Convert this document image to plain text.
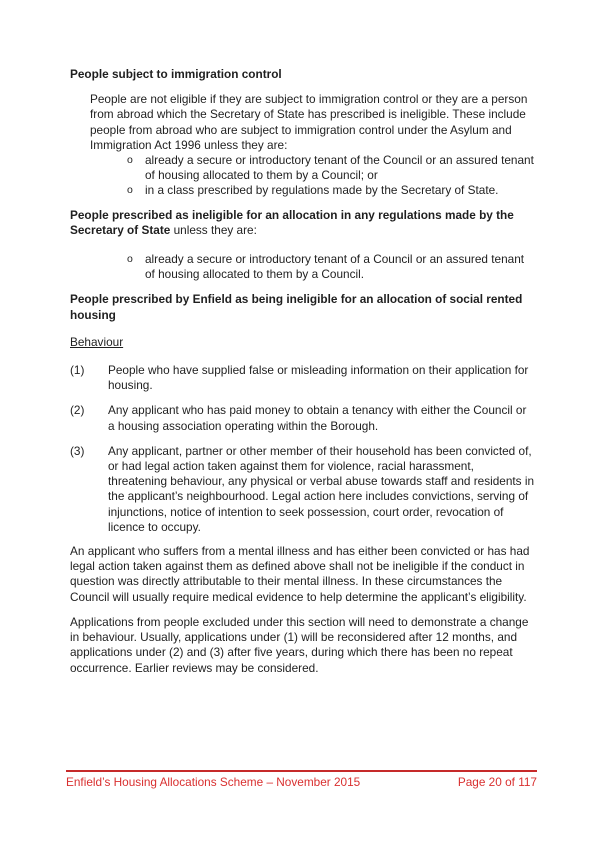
People subject to immigration control
People are not eligible if they are subject to immigration control or they are a person from abroad which the Secretary of State has prescribed is ineligible. These include people from abroad who are subject to immigration control under the Asylum and Immigration Act 1996 unless they are:
o	already a secure or introductory tenant of the Council or an assured tenant of housing allocated to them by a Council; or
o	in a class prescribed by regulations made by the Secretary of State.
People prescribed as ineligible for an allocation in any regulations made by the Secretary of State unless they are:
o	already a secure or introductory tenant of a Council or an assured tenant of housing allocated to them by a Council.
People prescribed by Enfield as being ineligible for an allocation of social rented housing
Behaviour
(1)	People who have supplied false or misleading information on their application for housing.
(2)	Any applicant who has paid money to obtain a tenancy with either the Council or a housing association operating within the Borough.
(3)	Any applicant, partner or other member of their household has been convicted of, or had legal action taken against them for violence, racial harassment, threatening behaviour, any physical or verbal abuse towards staff and residents in the applicant’s neighbourhood. Legal action here includes convictions, serving of injunctions, notice of intention to seek possession, court order, revocation of licence to occupy.
An applicant who suffers from a mental illness and has either been convicted or has had legal action taken against them as defined above shall not be ineligible if the conduct in question was directly attributable to their mental illness. In these circumstances the Council will usually require medical evidence to help determine the applicant’s eligibility.
Applications from people excluded under this section will need to demonstrate a change in behaviour. Usually, applications under (1) will be reconsidered after 12 months, and applications under (2) and (3) after five years, during which there has been no repeat occurrence. Earlier reviews may be considered.
Enfield’s Housing Allocations Scheme – November 2015	Page 20 of 117
